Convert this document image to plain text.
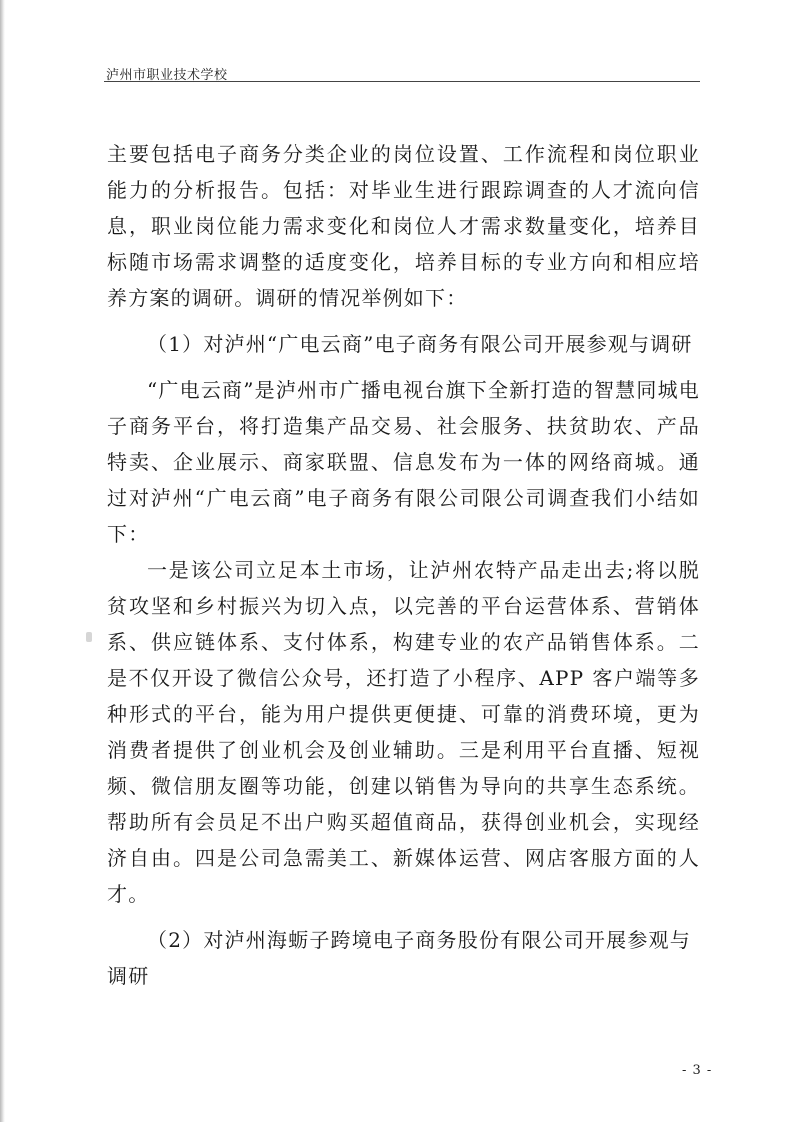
泸州市职业技术学校

主要包括电子商务分类企业的岗位设置、工作流程和岗位职业能力的分析报告。包括：对毕业生进行跟踪调查的人才流向信息，职业岗位能力需求变化和岗位人才需求数量变化，培养目标随市场需求调整的适度变化，培养目标的专业方向和相应培养方案的调研。调研的情况举例如下：

（1）对泸州“广电云商”电子商务有限公司开展参观与调研

“广电云商”是泸州市广播电视台旗下全新打造的智慧同城电子商务平台，将打造集产品交易、社会服务、扶贫助农、产品特卖、企业展示、商家联盟、信息发布为一体的网络商城。通过对泸州“广电云商”电子商务有限公司限公司调查我们小结如下：

一是该公司立足本土市场，让泸州农特产品走出去;将以脱贫攻坚和乡村振兴为切入点，以完善的平台运营体系、营销体系、供应链体系、支付体系，构建专业的农产品销售体系。二是不仅开设了微信公众号，还打造了小程序、APP 客户端等多种形式的平台，能为用户提供更便捷、可靠的消费环境，更为消费者提供了创业机会及创业辅助。三是利用平台直播、短视频、微信朋友圈等功能，创建以销售为导向的共享生态系统。帮助所有会员足不出户购买超值商品，获得创业机会，实现经济自由。四是公司急需美工、新媒体运营、网店客服方面的人才。

（2）对泸州海蛎子跨境电子商务股份有限公司开展参观与调研

- 3 -
